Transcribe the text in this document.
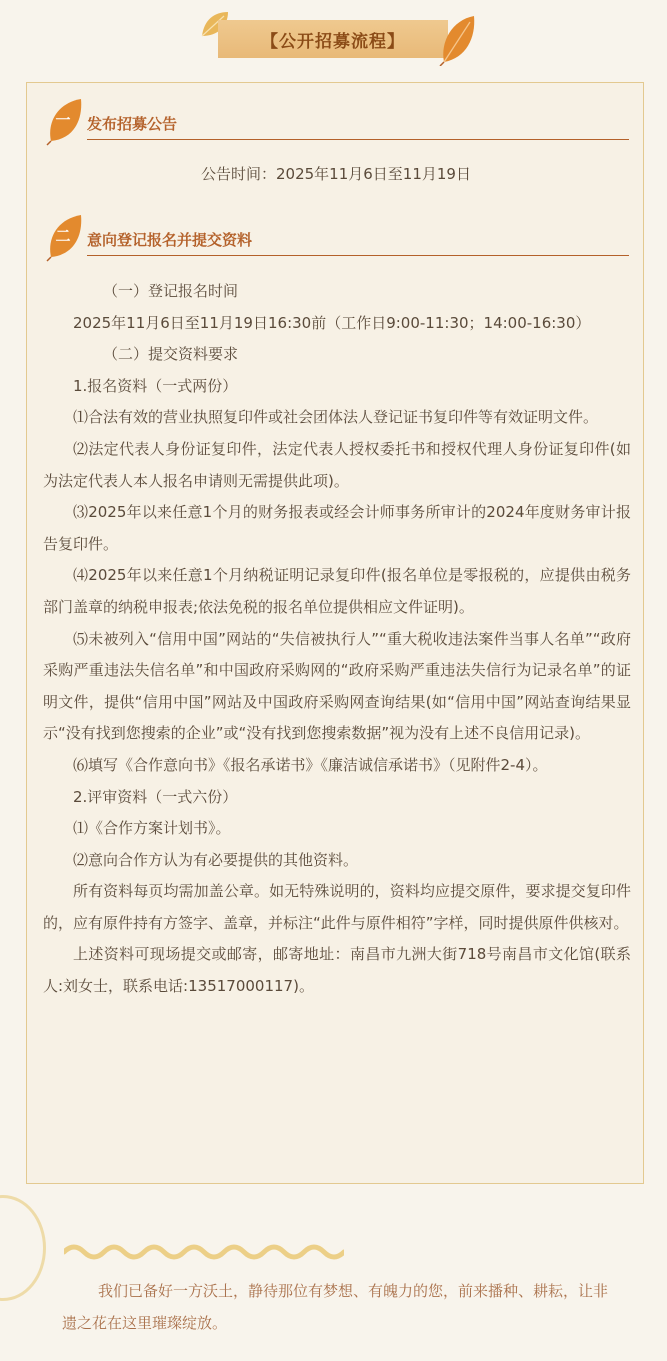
【公开招募流程】
一	发布招募公告
公告时间：2025年11月6日至11月19日
二	意向登记报名并提交资料

（一）登记报名时间

2025年11月6日至11月19日16:30前（工作日9:00-11:30；14:00-16:30）

（二）提交资料要求

1.报名资料（一式两份）

⑴合法有效的营业执照复印件或社会团体法人登记证书复印件等有效证明文件。

⑵法定代表人身份证复印件，法定代表人授权委托书和授权代理人身份证复印件(如为法定代表人本人报名申请则无需提供此项)。

⑶2025年以来任意1个月的财务报表或经会计师事务所审计的2024年度财务审计报告复印件。

⑷2025年以来任意1个月纳税证明记录复印件(报名单位是零报税的，应提供由税务部门盖章的纳税申报表;依法免税的报名单位提供相应文件证明)。

⑸未被列入“信用中国”网站的“失信被执行人”“重大税收违法案件当事人名单”“政府采购严重违法失信名单”和中国政府采购网的“政府采购严重违法失信行为记录名单”的证明文件，提供“信用中国”网站及中国政府采购网查询结果(如“信用中国”网站查询结果显示“没有找到您搜索的企业”或“没有找到您搜索数据”视为没有上述不良信用记录)。

⑹填写《合作意向书》《报名承诺书》《廉洁诚信承诺书》（见附件2-4）。

2.评审资料（一式六份）

⑴《合作方案计划书》。

⑵意向合作方认为有必要提供的其他资料。

所有资料每页均需加盖公章。如无特殊说明的，资料均应提交原件，要求提交复印件的，应有原件持有方签字、盖章，并标注“此件与原件相符”字样，同时提供原件供核对。

上述资料可现场提交或邮寄，邮寄地址：南昌市九洲大街718号南昌市文化馆(联系人:刘女士，联系电话:13517000117)。

我们已备好一方沃土，静待那位有梦想、有魄力的您，前来播种、耕耘，让非遗之花在这里璀璨绽放。
